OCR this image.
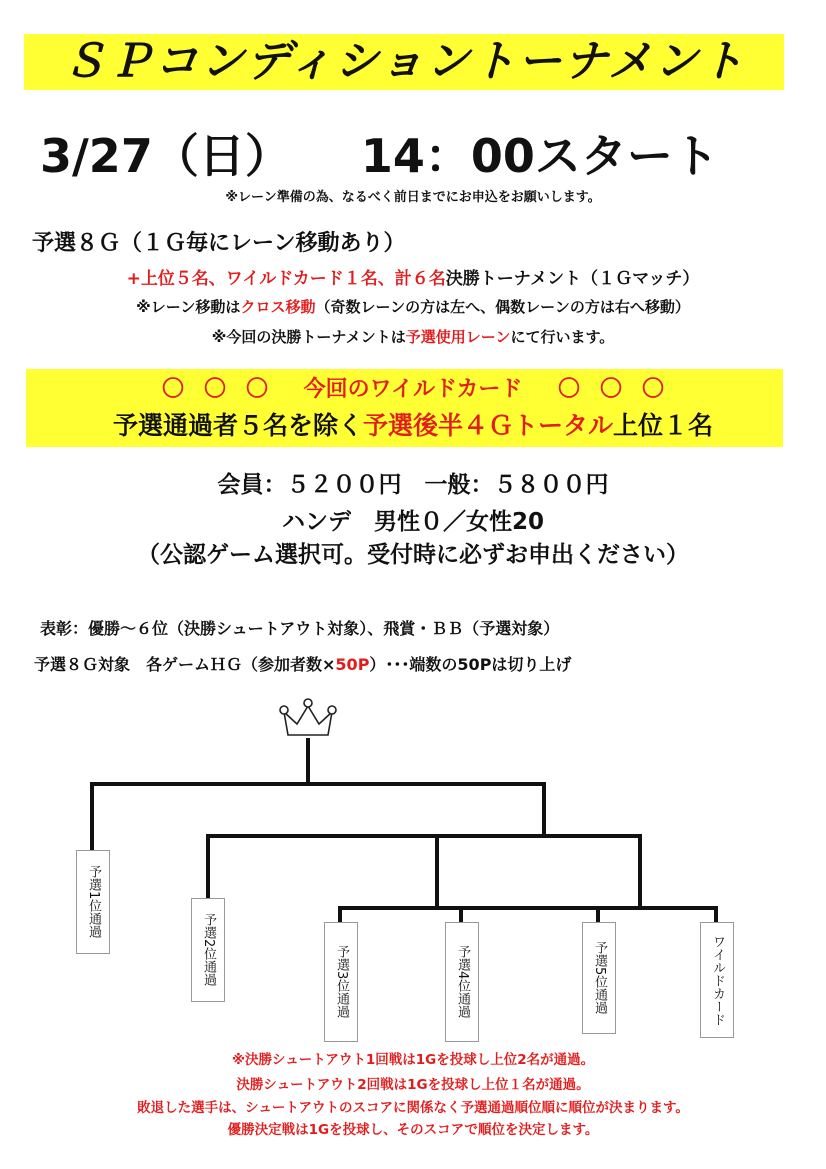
ＳＰコンディショントーナメント
3/27（日） 14：00スタート
※レーン準備の為、なるべく前日までにお申込をお願いします。
予選８Ｇ（１Ｇ毎にレーン移動あり）
+上位５名、ワイルドカード１名、計６名決勝トーナメント（１Ｇマッチ）
※レーン移動はクロス移動（奇数レーンの方は左へ、偶数レーンの方は右へ移動）
※今回の決勝トーナメントは予選使用レーンにて行います。
〇 〇 〇 今回のワイルドカード 〇 〇 〇
予選通過者５名を除く予選後半４Ｇトータル上位１名
会員：５２００円　一般：５８００円
ハンデ　男性０／女性20
（公認ゲーム選択可。受付時に必ずお申出ください）
表彰：優勝～６位（決勝シュートアウト対象）、飛賞・ＢＢ（予選対象）
予選８Ｇ対象　各ゲームＨＧ（参加者数×50P）･･･端数の50Pは切り上げ
予選1位通過
予選2位通過	予選3位通過	予選4位通過	予選5位通過	ワイルドカード
※決勝シュートアウト1回戦は1Gを投球し上位2名が通過。
決勝シュートアウト2回戦は1Gを投球し上位１名が通過。
敗退した選手は、シュートアウトのスコアに関係なく予選通過順位順に順位が決まります。
優勝決定戦は1Gを投球し、そのスコアで順位を決定します。
